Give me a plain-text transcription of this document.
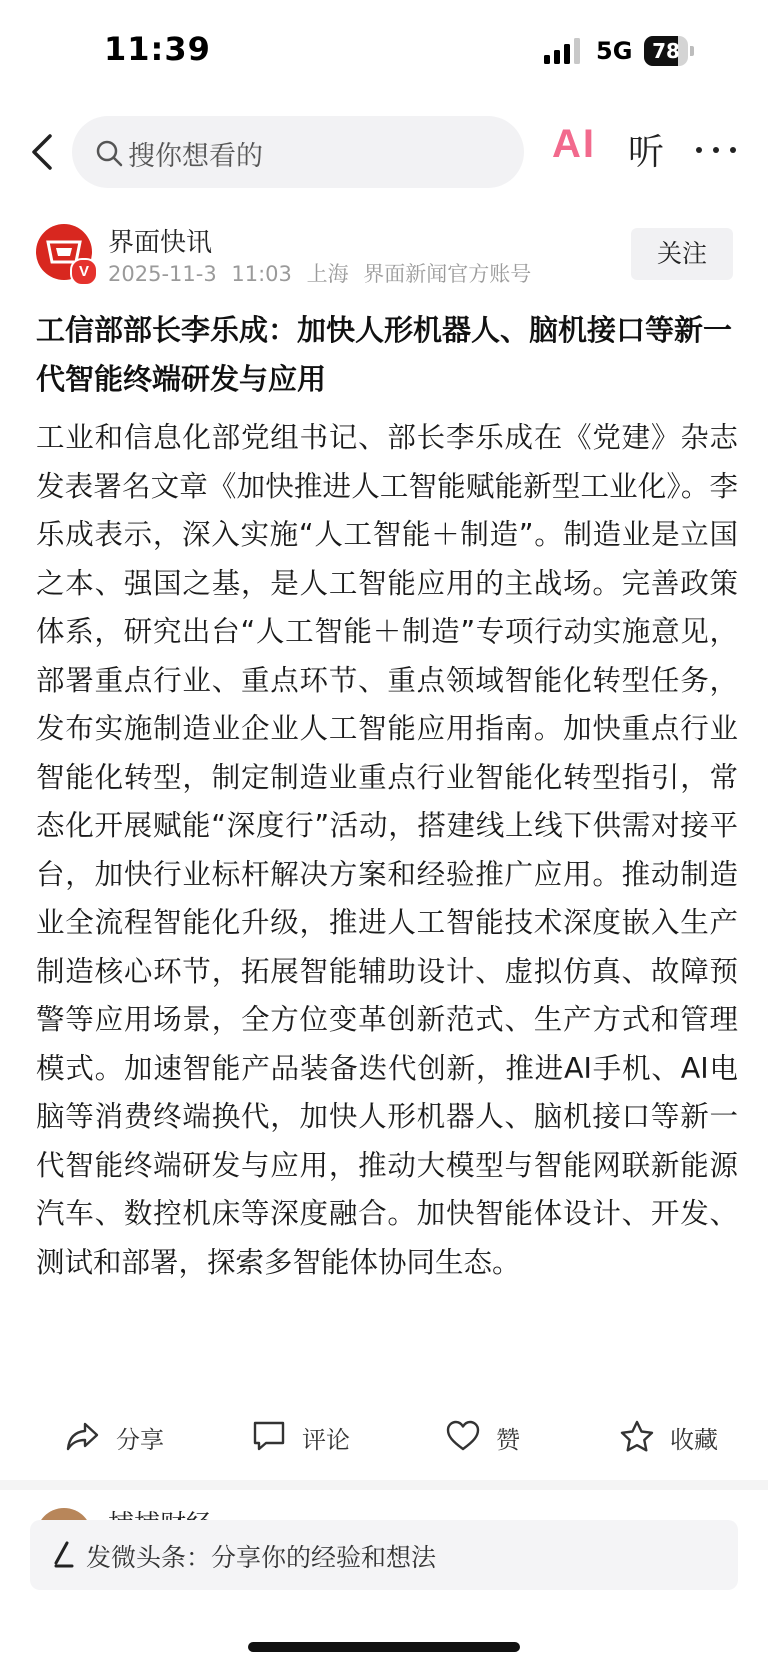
11:39	5G 78
搜你想看的	AI 听
V
界面快讯
2025-11-3 11:03 上海 界面新闻官方账号
关注
工信部部长李乐成：加快人形机器人、脑机接口等新一代智能终端研发与应用
工业和信息化部党组书记、部长李乐成在《党建》杂志发表署名文章《加快推进人工智能赋能新型工业化》。李乐成表示，深入实施“人工智能＋制造”。制造业是立国之本、强国之基，是人工智能应用的主战场。完善政策体系，研究出台“人工智能＋制造”专项行动实施意见，部署重点行业、重点环节、重点领域智能化转型任务，发布实施制造业企业人工智能应用指南。加快重点行业智能化转型，制定制造业重点行业智能化转型指引，常态化开展赋能“深度行”活动，搭建线上线下供需对接平台，加快行业标杆解决方案和经验推广应用。推动制造业全流程智能化升级，推进人工智能技术深度嵌入生产制造核心环节，拓展智能辅助设计、虚拟仿真、故障预警等应用场景，全方位变革创新范式、生产方式和管理模式。加速智能产品装备迭代创新，推进AI手机、AI电脑等消费终端换代，加快人形机器人、脑机接口等新一代智能终端研发与应用，推动大模型与智能网联新能源汽车、数控机床等深度融合。加快智能体设计、开发、测试和部署，探索多智能体协同生态。
分享	评论	赞	收藏
发微头条：分享你的经验和想法
